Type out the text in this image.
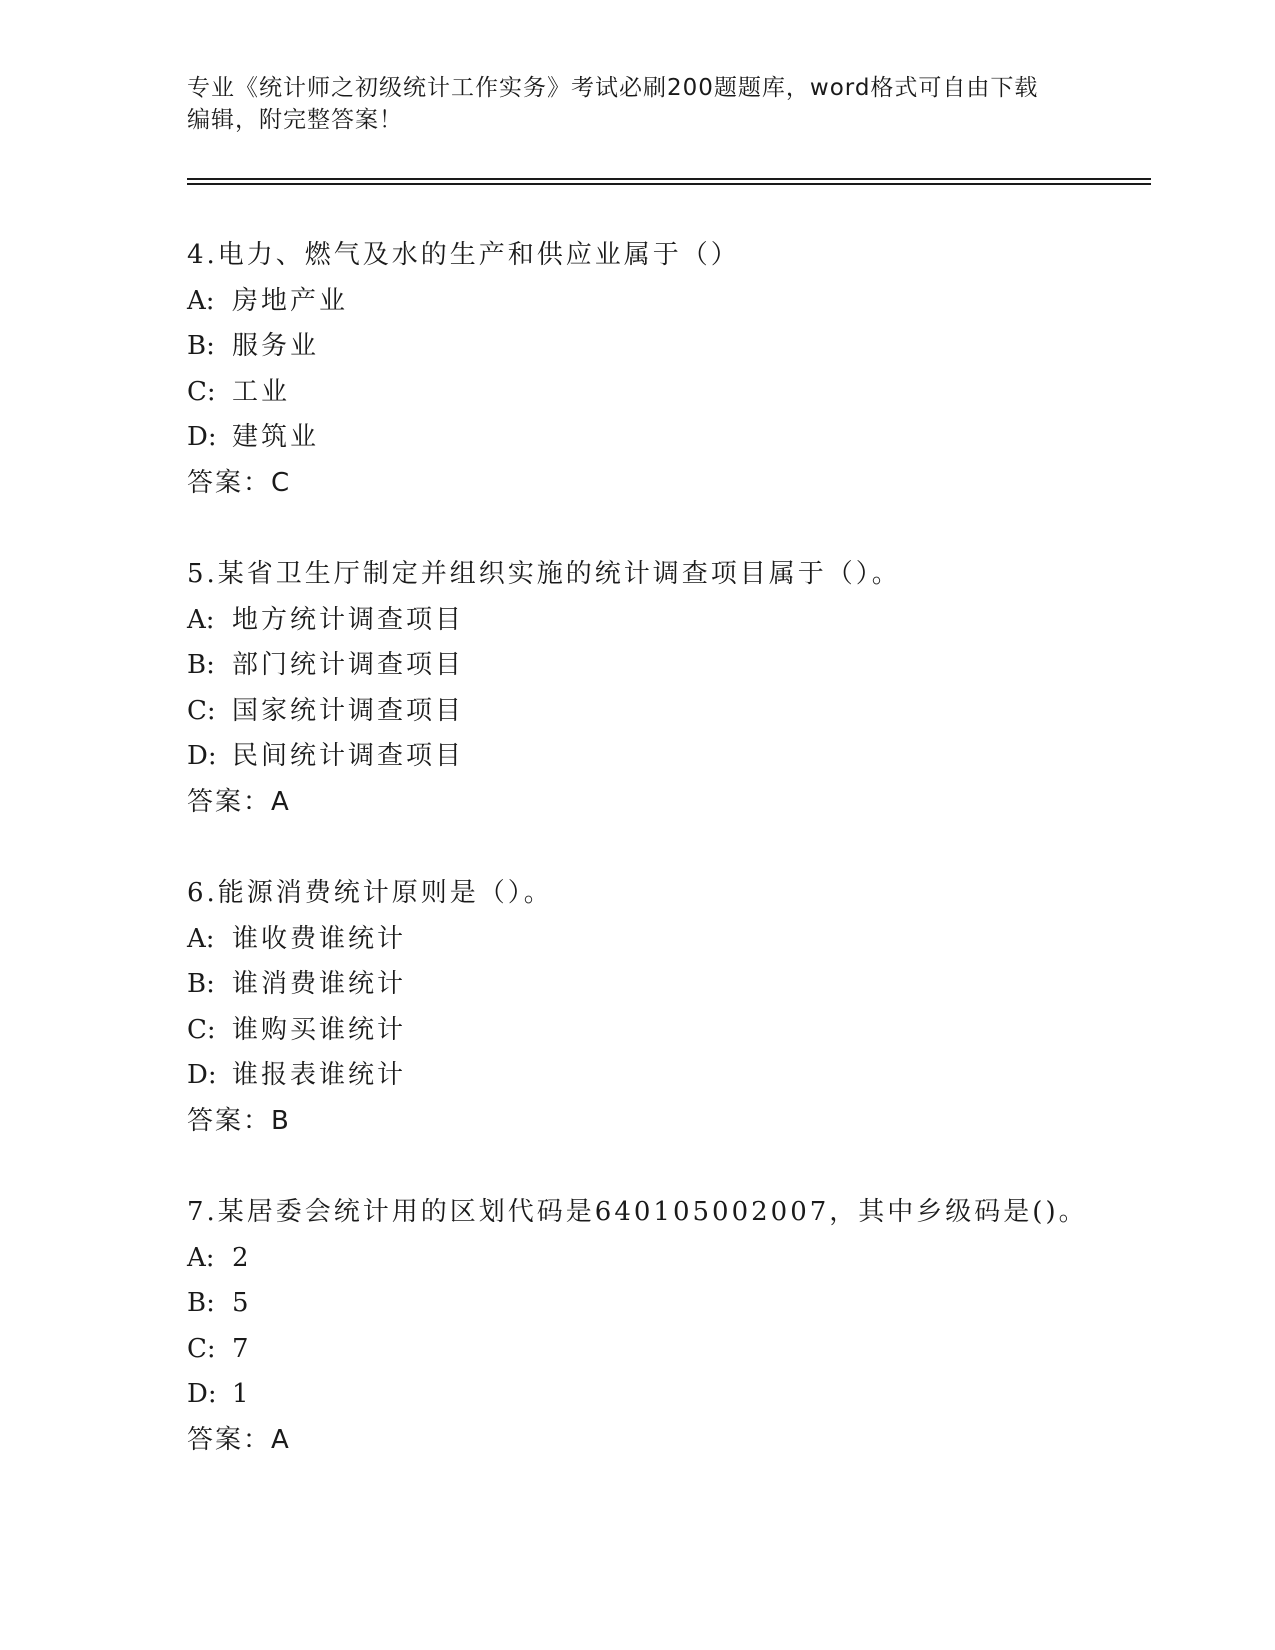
专业《统计师之初级统计工作实务》考试必刷200题题库，word格式可自由下载
编辑，附完整答案！
4.电力、燃气及水的生产和供应业属于（）
A: 房地产业
B: 服务业
C: 工业
D: 建筑业
答案：C
5.某省卫生厅制定并组织实施的统计调查项目属于（）。
A: 地方统计调查项目
B: 部门统计调查项目
C: 国家统计调查项目
D: 民间统计调查项目
答案：A
6.能源消费统计原则是（）。
A: 谁收费谁统计
B: 谁消费谁统计
C: 谁购买谁统计
D: 谁报表谁统计
答案：B
7.某居委会统计用的区划代码是640105002007，其中乡级码是()。
A: 2
B: 5
C: 7
D: 1
答案：A
